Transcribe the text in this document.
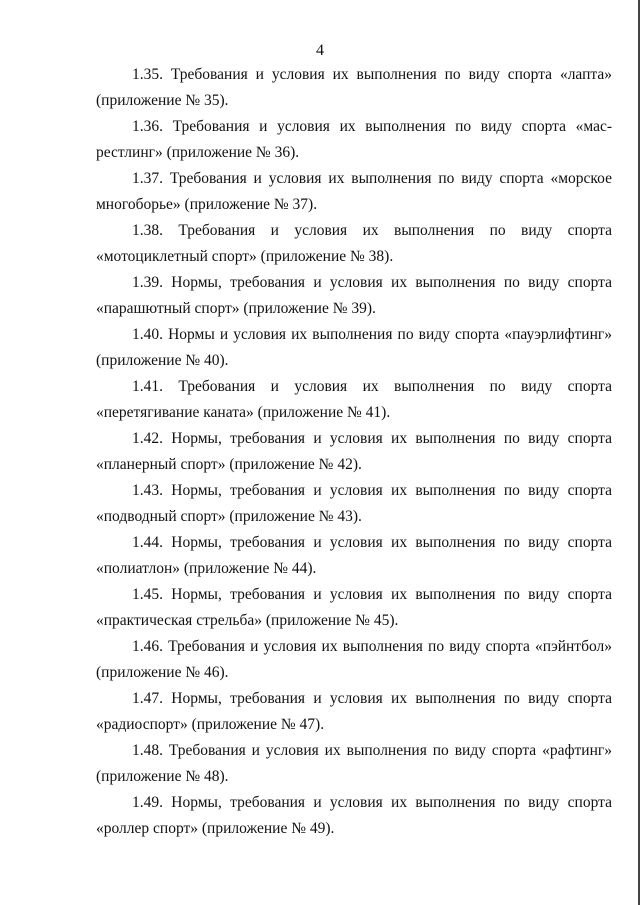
4

1.35. Требования и условия их выполнения по виду спорта «лапта» (приложение № 35).

1.36. Требования и условия их выполнения по виду спорта «масрестлинг» (приложение № 36).

1.37. Требования и условия их выполнения по виду спорта «морское многоборье» (приложение № 37).

1.38. Требования и условия их выполнения по виду спорта «мотоциклетный спорт» (приложение № 38).

1.39. Нормы, требования и условия их выполнения по виду спорта «парашютный спорт» (приложение № 39).

1.40. Нормы и условия их выполнения по виду спорта «пауэрлифтинг» (приложение № 40).

1.41. Требования и условия их выполнения по виду спорта «перетягивание каната» (приложение № 41).

1.42. Нормы, требования и условия их выполнения по виду спорта «планерный спорт» (приложение № 42).

1.43. Нормы, требования и условия их выполнения по виду спорта «подводный спорт» (приложение № 43).

1.44. Нормы, требования и условия их выполнения по виду спорта «полиатлон» (приложение № 44).

1.45. Нормы, требования и условия их выполнения по виду спорта «практическая стрельба» (приложение № 45).

1.46. Требования и условия их выполнения по виду спорта «пэйнтбол» (приложение № 46).

1.47. Нормы, требования и условия их выполнения по виду спорта «радиоспорт» (приложение № 47).

1.48. Требования и условия их выполнения по виду спорта «рафтинг» (приложение № 48).

1.49. Нормы, требования и условия их выполнения по виду спорта «роллер спорт» (приложение № 49).
